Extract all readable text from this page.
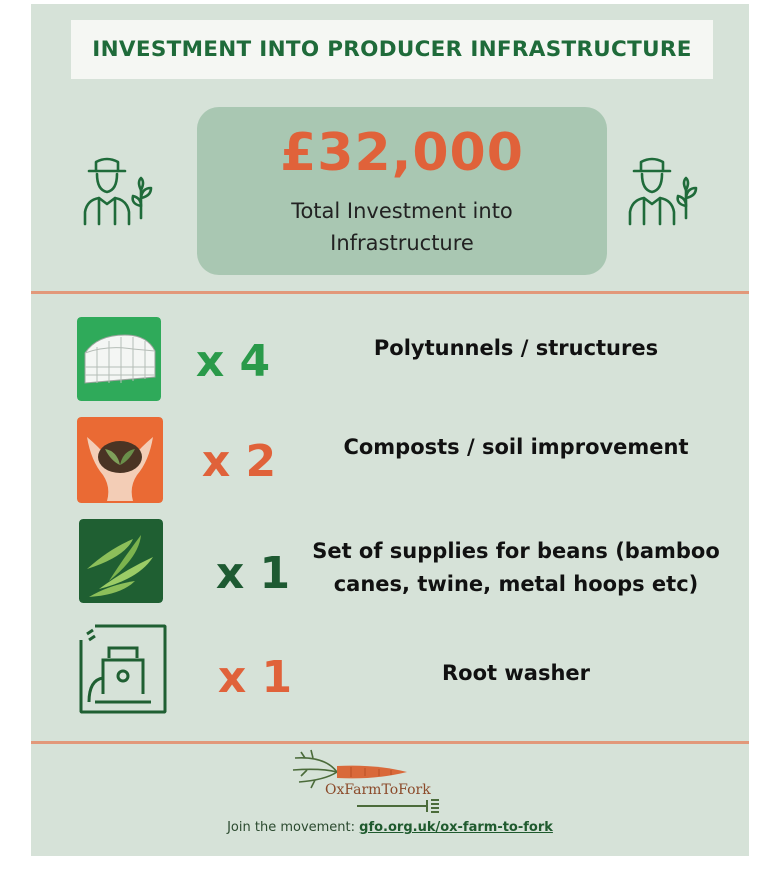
INVESTMENT INTO PRODUCER INFRASTRUCTURE
£32,000
Total Investment into Infrastructure
x 4	Polytunnels / structures
x 2	Composts / soil improvement
x 1	Set of supplies for beans (bamboo canes, twine, metal hoops etc)
x 1	Root washer
OxFarmToFork
Join the movement: gfo.org.uk/ox-farm-to-fork
